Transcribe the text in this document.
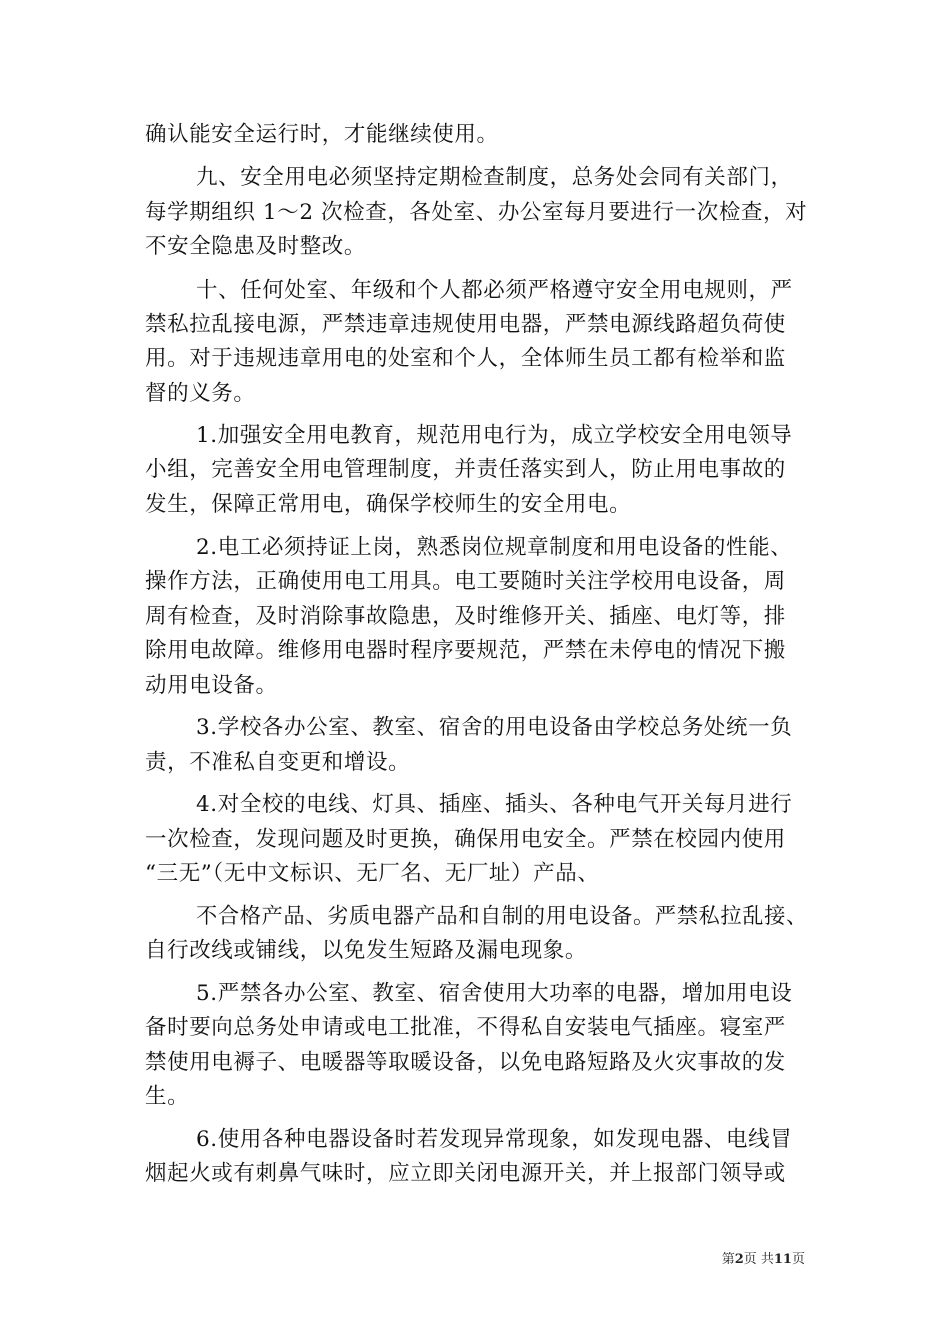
确认能安全运行时，才能继续使用。
九、安全用电必须坚持定期检查制度，总务处会同有关部门，
每学期组织 1～2 次检查，各处室、办公室每月要进行一次检查，对
不安全隐患及时整改。
十、任何处室、年级和个人都必须严格遵守安全用电规则，严
禁私拉乱接电源，严禁违章违规使用电器，严禁电源线路超负荷使
用。对于违规违章用电的处室和个人，全体师生员工都有检举和监
督的义务。
1.加强安全用电教育，规范用电行为，成立学校安全用电领导
小组，完善安全用电管理制度，并责任落实到人，防止用电事故的
发生，保障正常用电，确保学校师生的安全用电。
2.电工必须持证上岗，熟悉岗位规章制度和用电设备的性能、
操作方法，正确使用电工用具。电工要随时关注学校用电设备，周
周有检查，及时消除事故隐患，及时维修开关、插座、电灯等，排
除用电故障。维修用电器时程序要规范，严禁在未停电的情况下搬
动用电设备。
3.学校各办公室、教室、宿舍的用电设备由学校总务处统一负
责，不准私自变更和增设。
4.对全校的电线、灯具、插座、插头、各种电气开关每月进行
一次检查，发现问题及时更换，确保用电安全。严禁在校园内使用
“三无”（无中文标识、无厂名、无厂址）产品、
不合格产品、劣质电器产品和自制的用电设备。严禁私拉乱接、
自行改线或铺线，以免发生短路及漏电现象。
5.严禁各办公室、教室、宿舍使用大功率的电器，增加用电设
备时要向总务处申请或电工批准，不得私自安装电气插座。寝室严
禁使用电褥子、电暖器等取暖设备，以免电路短路及火灾事故的发
生。
6.使用各种电器设备时若发现异常现象，如发现电器、电线冒
烟起火或有刺鼻气味时，应立即关闭电源开关，并上报部门领导或
第2页 共11页
